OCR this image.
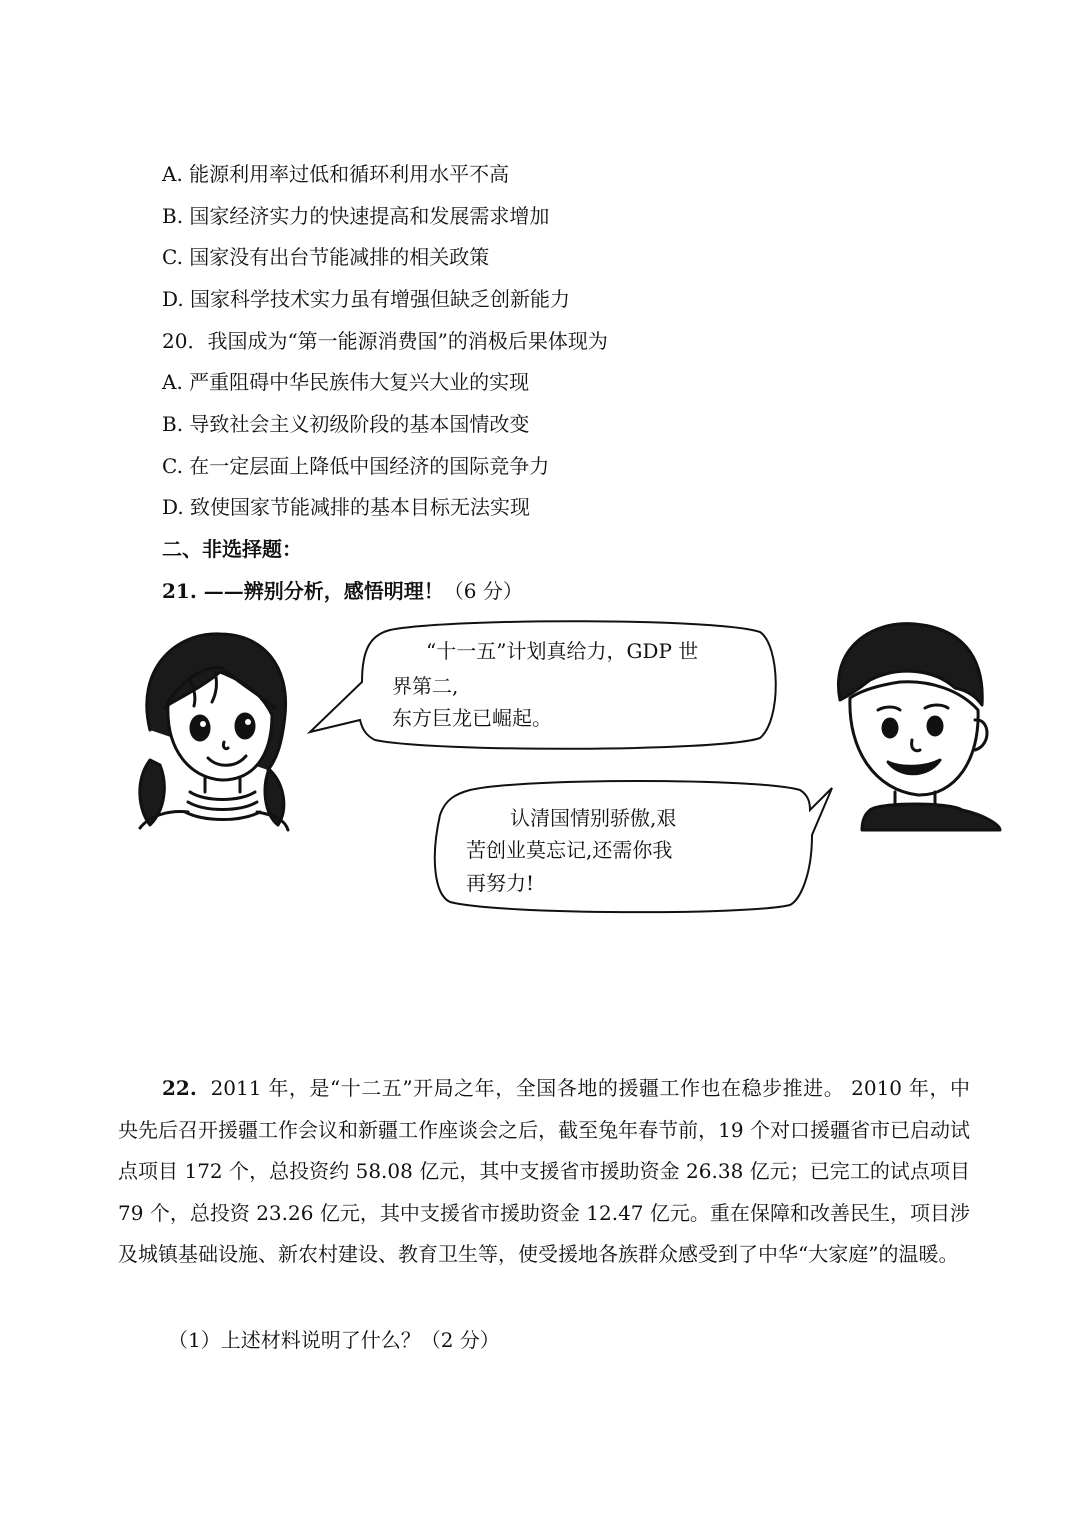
A. 能源利用率过低和循环利用水平不高
B. 国家经济实力的快速提高和发展需求增加
C. 国家没有出台节能减排的相关政策
D. 国家科学技术实力虽有增强但缺乏创新能力
20．我国成为“第一能源消费国”的消极后果体现为
A. 严重阻碍中华民族伟大复兴大业的实现
B. 导致社会主义初级阶段的基本国情改变
C. 在一定层面上降低中国经济的国际竞争力
D. 致使国家节能减排的基本目标无法实现
二、非选择题：
21. ——辨别分析，感悟明理！（6 分）
“十一五”计划真给力，GDP 世
界第二,
东方巨龙已崛起。
认清国情别骄傲,艰
苦创业莫忘记,还需你我
再努力!
22. 2011 年，是“十二五”开局之年，全国各地的援疆工作也在稳步推进。 2010 年，中央先后召开援疆工作会议和新疆工作座谈会之后，截至兔年春节前，19 个对口援疆省市已启动试点项目 172 个，总投资约 58.08 亿元，其中支援省市援助资金 26.38 亿元；已完工的试点项目 79 个，总投资 23.26 亿元，其中支援省市援助资金 12.47 亿元。重在保障和改善民生，项目涉及城镇基础设施、新农村建设、教育卫生等，使受援地各族群众感受到了中华“大家庭”的温暖。
（1）上述材料说明了什么？（2 分）
